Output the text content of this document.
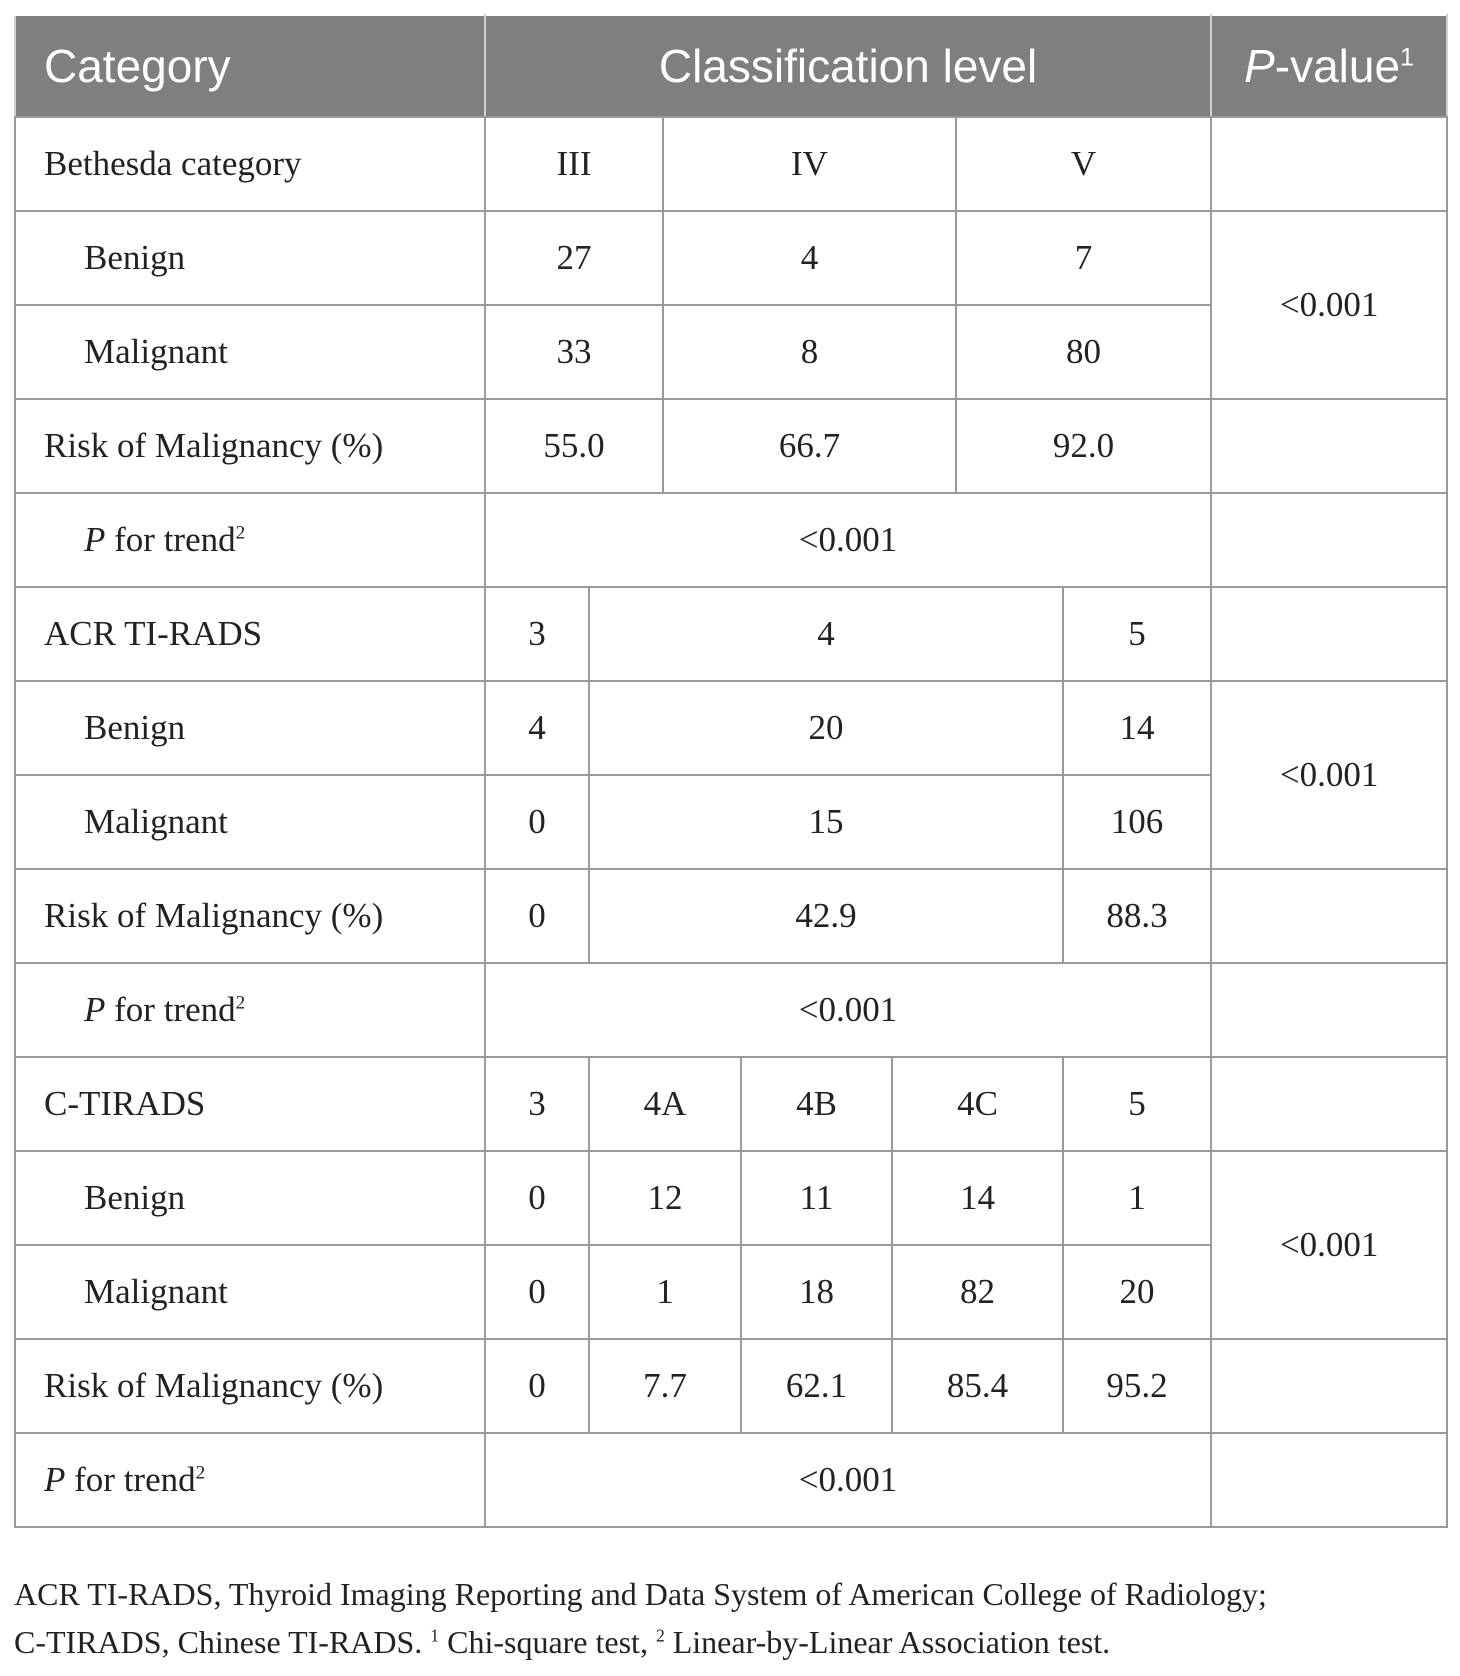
Category	Classification level							P-value$^1$
Bethesda category	III		IV			V		
Benign	27		4			7		<0.001
Malignant	33		8			80		
Risk of Malignancy (%)	55.0		66.7			92.0		
P for trend$^2$	<0.001							
ACR TI-RADS	3	4					5	
Benign	4	20					14	<0.001
Malignant	0	15					106	
Risk of Malignancy (%)	0	42.9					88.3	
P for trend$^2$	<0.001							
C-TIRADS	3	4A		4B	4C		5	
Benign	0	12		11	14		1	<0.001
Malignant	0	1		18	82		20	
Risk of Malignancy (%)	0	7.7		62.1	85.4		95.2	
P for trend$^2$	<0.001							
ACR TI-RADS, Thyroid Imaging Reporting and Data System of American College of Radiology;
C-TIRADS, Chinese TI-RADS. $^1$ Chi-square test, $^2$ Linear-by-Linear Association test.
